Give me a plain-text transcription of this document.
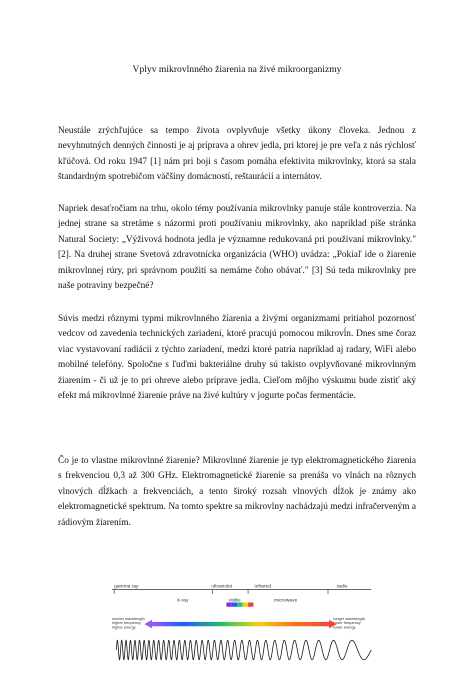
Vplyv mikrovlnného žiarenia na živé mikroorganizmy

Neustále zrýchľujúce sa tempo života ovplyvňuje všetky úkony človeka. Jednou z nevyhnutných denných činností je aj príprava a ohrev jedla, pri ktorej je pre veľa z nás rýchlosť kľúčová. Od roku 1947 [1] nám pri boji s časom pomáha efektivita mikrovlnky, ktorá sa stala štandardným spotrebičom väčšiny domácností, reštaurácií a internátov.

Napriek desaťročiam na trhu, okolo témy používania mikrovlnky panuje stále kontroverzia. Na jednej strane sa stretáme s názormi proti používaniu mikrovlnky, ako napríklad píše stránka Natural Society: „Výživová hodnota jedla je významne redukovaná pri používaní mikrovlnky." [2]. Na druhej strane Svetová zdravotnícka organizácia (WHO) uvádza: „Pokiaľ ide o žiarenie mikrovlnnej rúry, pri správnom použití sa nemáme čoho obávať." [3] Sú teda mikrovlnky pre naše potraviny bezpečné?

Súvis medzi rôznymi typmi mikrovlnného žiarenia a živými organizmami pritiahol pozornosť vedcov od zavedenia technických zariadení, ktoré pracujú pomocou mikrovĺn. Dnes sme čoraz viac vystavovaní radiácii z týchto zariadení, medzi ktoré patria napríklad aj radary, WiFi alebo mobilné telefóny. Spoločne s ľuďmi bakteriálne druhy sú takisto ovplyvňované mikrovlnným žiarením - či už je to pri ohreve alebo príprave jedla. Cieľom môjho výskumu bude zistiť aký efekt má mikrovlnné žiarenie práve na živé kultúry v jogurte počas fermentácie.

Čo je to vlastne mikrovlnné žiarenie? Mikrovlnné žiarenie je typ elektromagnetického žiarenia s frekvenciou 0,3 až 300 GHz. Elektromagnetické žiarenie sa prenáša vo vlnách na rôznych vlnových dĺžkach a frekvenciách, a tento široký rozsah vlnových dĺžok je známy ako elektromagnetické spektrum. Na tomto spektre sa mikrovlny nachádzajú medzi infračerveným a rádiovým žiarením.

gamma ray	ultraviolet	infrared	radio
X-ray	visible	microwave
shorter wavelength
higher frequency
higher energy
longer wavelength
lower frequency
lower energy
